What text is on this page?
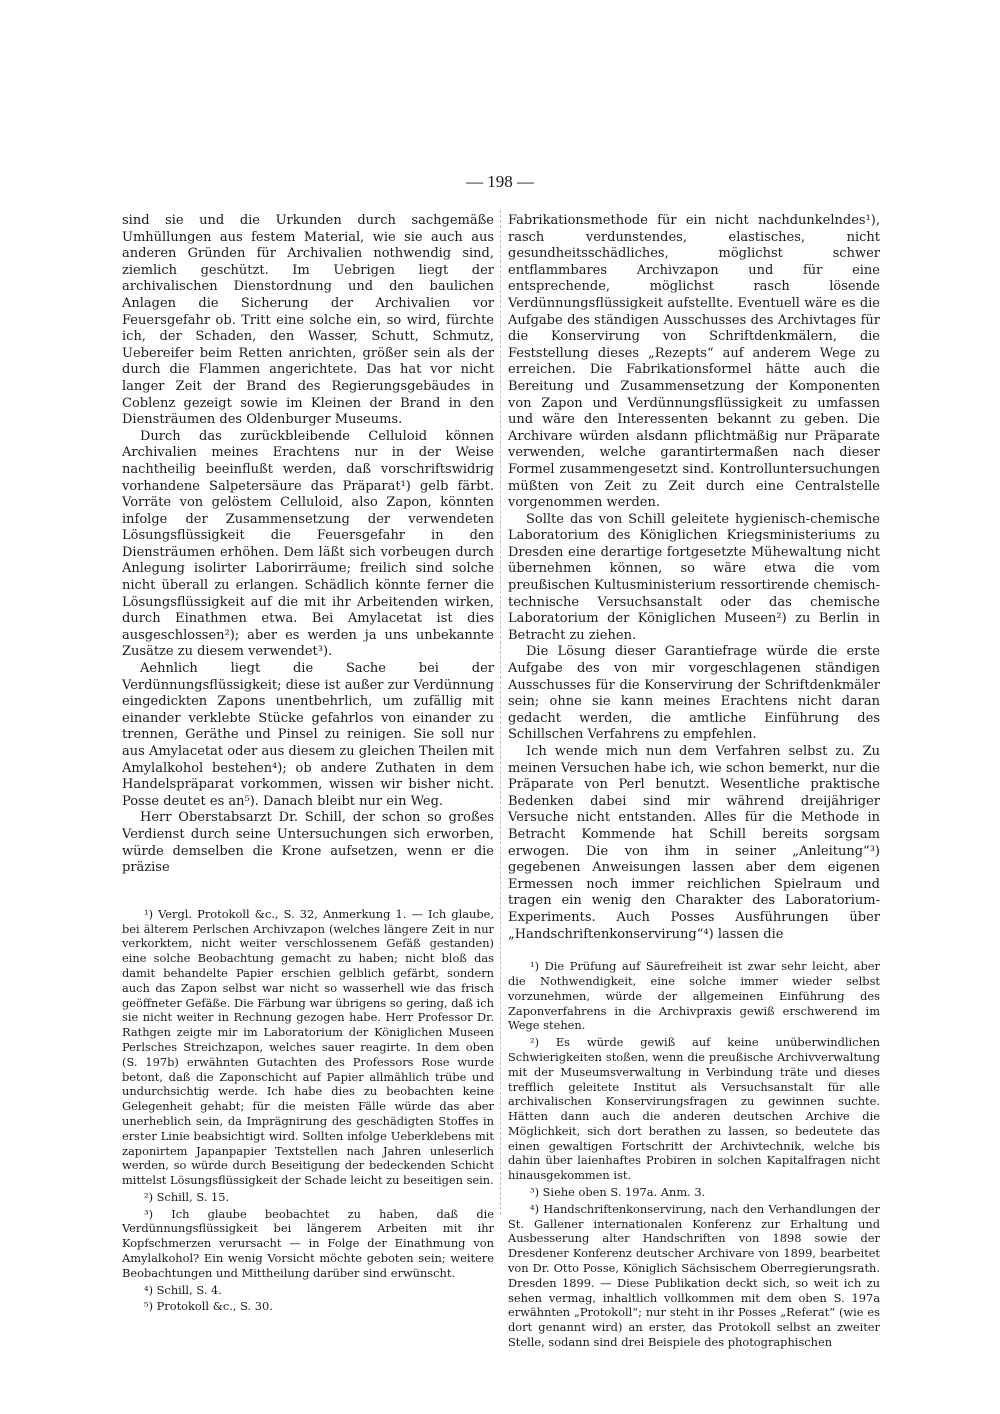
— 198 —

sind sie und die Urkunden durch sachgemäße Umhüllungen aus festem Material, wie sie auch aus anderen Gründen für Archivalien nothwendig sind, ziemlich geschützt. Im Uebrigen liegt der archivalischen Dienstordnung und den baulichen Anlagen die Sicherung der Archivalien vor Feuersgefahr ob. Tritt eine solche ein, so wird, fürchte ich, der Schaden, den Wasser, Schutt, Schmutz, Uebereifer beim Retten anrichten, größer sein als der durch die Flammen angerichtete. Das hat vor nicht langer Zeit der Brand des Regierungsgebäudes in Coblenz gezeigt sowie im Kleinen der Brand in den Diensträumen des Oldenburger Museums.

Durch das zurückbleibende Celluloid können Archivalien meines Erachtens nur in der Weise nachtheilig beeinflußt werden, daß vorschriftswidrig vorhandene Salpetersäure das Präparat¹) gelb färbt. Vorräte von gelöstem Celluloid, also Zapon, könnten infolge der Zusammensetzung der verwendeten Lösungsflüssigkeit die Feuersgefahr in den Diensträumen erhöhen. Dem läßt sich vorbeugen durch Anlegung isolirter Laborirräume; freilich sind solche nicht überall zu erlangen. Schädlich könnte ferner die Lösungsflüssigkeit auf die mit ihr Arbeitenden wirken, durch Einathmen etwa. Bei Amylacetat ist dies ausgeschlossen²); aber es werden ja uns unbekannte Zusätze zu diesem verwendet³).

Aehnlich liegt die Sache bei der Verdünnungsflüssigkeit; diese ist außer zur Verdünnung eingedickten Zapons unentbehrlich, um zufällig mit einander verklebte Stücke gefahrlos von einander zu trennen, Geräthe und Pinsel zu reinigen. Sie soll nur aus Amylacetat oder aus diesem zu gleichen Theilen mit Amylalkohol bestehen⁴); ob andere Zuthaten in dem Handelspräparat vorkommen, wissen wir bisher nicht. Posse deutet es an⁵). Danach bleibt nur ein Weg.

Herr Oberstabsarzt Dr. Schill, der schon so großes Verdienst durch seine Untersuchungen sich erworben, würde demselben die Krone aufsetzen, wenn er die präzise

¹) Vergl. Protokoll &c., S. 32, Anmerkung 1. — Ich glaube, bei älterem Perlschen Archivzapon (welches längere Zeit in nur verkorktem, nicht weiter verschlossenem Gefäß gestanden) eine solche Beobachtung gemacht zu haben; nicht bloß das damit behandelte Papier erschien gelblich gefärbt, sondern auch das Zapon selbst war nicht so wasserhell wie das frisch geöffneter Gefäße. Die Färbung war übrigens so gering, daß ich sie nicht weiter in Rechnung gezogen habe. Herr Professor Dr. Rathgen zeigte mir im Laboratorium der Königlichen Museen Perlsches Streichzapon, welches sauer reagirte. In dem oben (S. 197b) erwähnten Gutachten des Professors Rose wurde betont, daß die Zaponschicht auf Papier allmählich trübe und undurchsichtig werde. Ich habe dies zu beobachten keine Gelegenheit gehabt; für die meisten Fälle würde das aber unerheblich sein, da Imprägnirung des geschädigten Stoffes in erster Linie beabsichtigt wird. Sollten infolge Ueberklebens mit zaponirtem Japanpapier Textstellen nach Jahren unleserlich werden, so würde durch Beseitigung der bedeckenden Schicht mittelst Lösungsflüssigkeit der Schade leicht zu beseitigen sein.

²) Schill, S. 15.

³) Ich glaube beobachtet zu haben, daß die Verdünnungsflüssigkeit bei längerem Arbeiten mit ihr Kopfschmerzen verursacht — in Folge der Einathmung von Amylalkohol? Ein wenig Vorsicht möchte geboten sein; weitere Beobachtungen und Mittheilung darüber sind erwünscht.

⁴) Schill, S. 4.

⁵) Protokoll &c., S. 30.

Fabrikationsmethode für ein nicht nachdunkelndes¹), rasch verdunstendes, elastisches, nicht gesundheitsschädliches, möglichst schwer entflammbares Archivzapon und für eine entsprechende, möglichst rasch lösende Verdünnungsflüssigkeit aufstellte. Eventuell wäre es die Aufgabe des ständigen Ausschusses des Archivtages für die Konservirung von Schriftdenkmälern, die Feststellung dieses „Rezepts“ auf anderem Wege zu erreichen. Die Fabrikationsformel hätte auch die Bereitung und Zusammensetzung der Komponenten von Zapon und Verdünnungsflüssigkeit zu umfassen und wäre den Interessenten bekannt zu geben. Die Archivare würden alsdann pflichtmäßig nur Präparate verwenden, welche garantirtermaßen nach dieser Formel zusammengesetzt sind. Kontrolluntersuchungen müßten von Zeit zu Zeit durch eine Centralstelle vorgenommen werden.

Sollte das von Schill geleitete hygienisch-chemische Laboratorium des Königlichen Kriegsministeriums zu Dresden eine derartige fortgesetzte Mühewaltung nicht übernehmen können, so wäre etwa die vom preußischen Kultusministerium ressortirende chemisch-technische Versuchsanstalt oder das chemische Laboratorium der Königlichen Museen²) zu Berlin in Betracht zu ziehen.

Die Lösung dieser Garantiefrage würde die erste Aufgabe des von mir vorgeschlagenen ständigen Ausschusses für die Konservirung der Schriftdenkmäler sein; ohne sie kann meines Erachtens nicht daran gedacht werden, die amtliche Einführung des Schillschen Verfahrens zu empfehlen.

Ich wende mich nun dem Verfahren selbst zu. Zu meinen Versuchen habe ich, wie schon bemerkt, nur die Präparate von Perl benutzt. Wesentliche praktische Bedenken dabei sind mir während dreijähriger Versuche nicht entstanden. Alles für die Methode in Betracht Kommende hat Schill bereits sorgsam erwogen. Die von ihm in seiner „Anleitung“³) gegebenen Anweisungen lassen aber dem eigenen Ermessen noch immer reichlichen Spielraum und tragen ein wenig den Charakter des Laboratorium-Experiments. Auch Posses Ausführungen über „Handschriftenkonservirung“⁴) lassen die

¹) Die Prüfung auf Säurefreiheit ist zwar sehr leicht, aber die Nothwendigkeit, eine solche immer wieder selbst vorzunehmen, würde der allgemeinen Einführung des Zaponverfahrens in die Archivpraxis gewiß erschwerend im Wege stehen.

²) Es würde gewiß auf keine unüberwindlichen Schwierigkeiten stoßen, wenn die preußische Archivverwaltung mit der Museumsverwaltung in Verbindung träte und dieses trefflich geleitete Institut als Versuchsanstalt für alle archivalischen Konservirungsfragen zu gewinnen suchte. Hätten dann auch die anderen deutschen Archive die Möglichkeit, sich dort berathen zu lassen, so bedeutete das einen gewaltigen Fortschritt der Archivtechnik, welche bis dahin über laienhaftes Probiren in solchen Kapitalfragen nicht hinausgekommen ist.

³) Siehe oben S. 197a. Anm. 3.

⁴) Handschriftenkonservirung, nach den Verhandlungen der St. Gallener internationalen Konferenz zur Erhaltung und Ausbesserung alter Handschriften von 1898 sowie der Dresdener Konferenz deutscher Archivare von 1899, bearbeitet von Dr. Otto Posse, Königlich Sächsischem Oberregierungsrath. Dresden 1899. — Diese Publikation deckt sich, so weit ich zu sehen vermag, inhaltlich vollkommen mit dem oben S. 197a erwähnten „Protokoll“; nur steht in ihr Posses „Referat“ (wie es dort genannt wird) an erster, das Protokoll selbst an zweiter Stelle, sodann sind drei Beispiele des photographischen
